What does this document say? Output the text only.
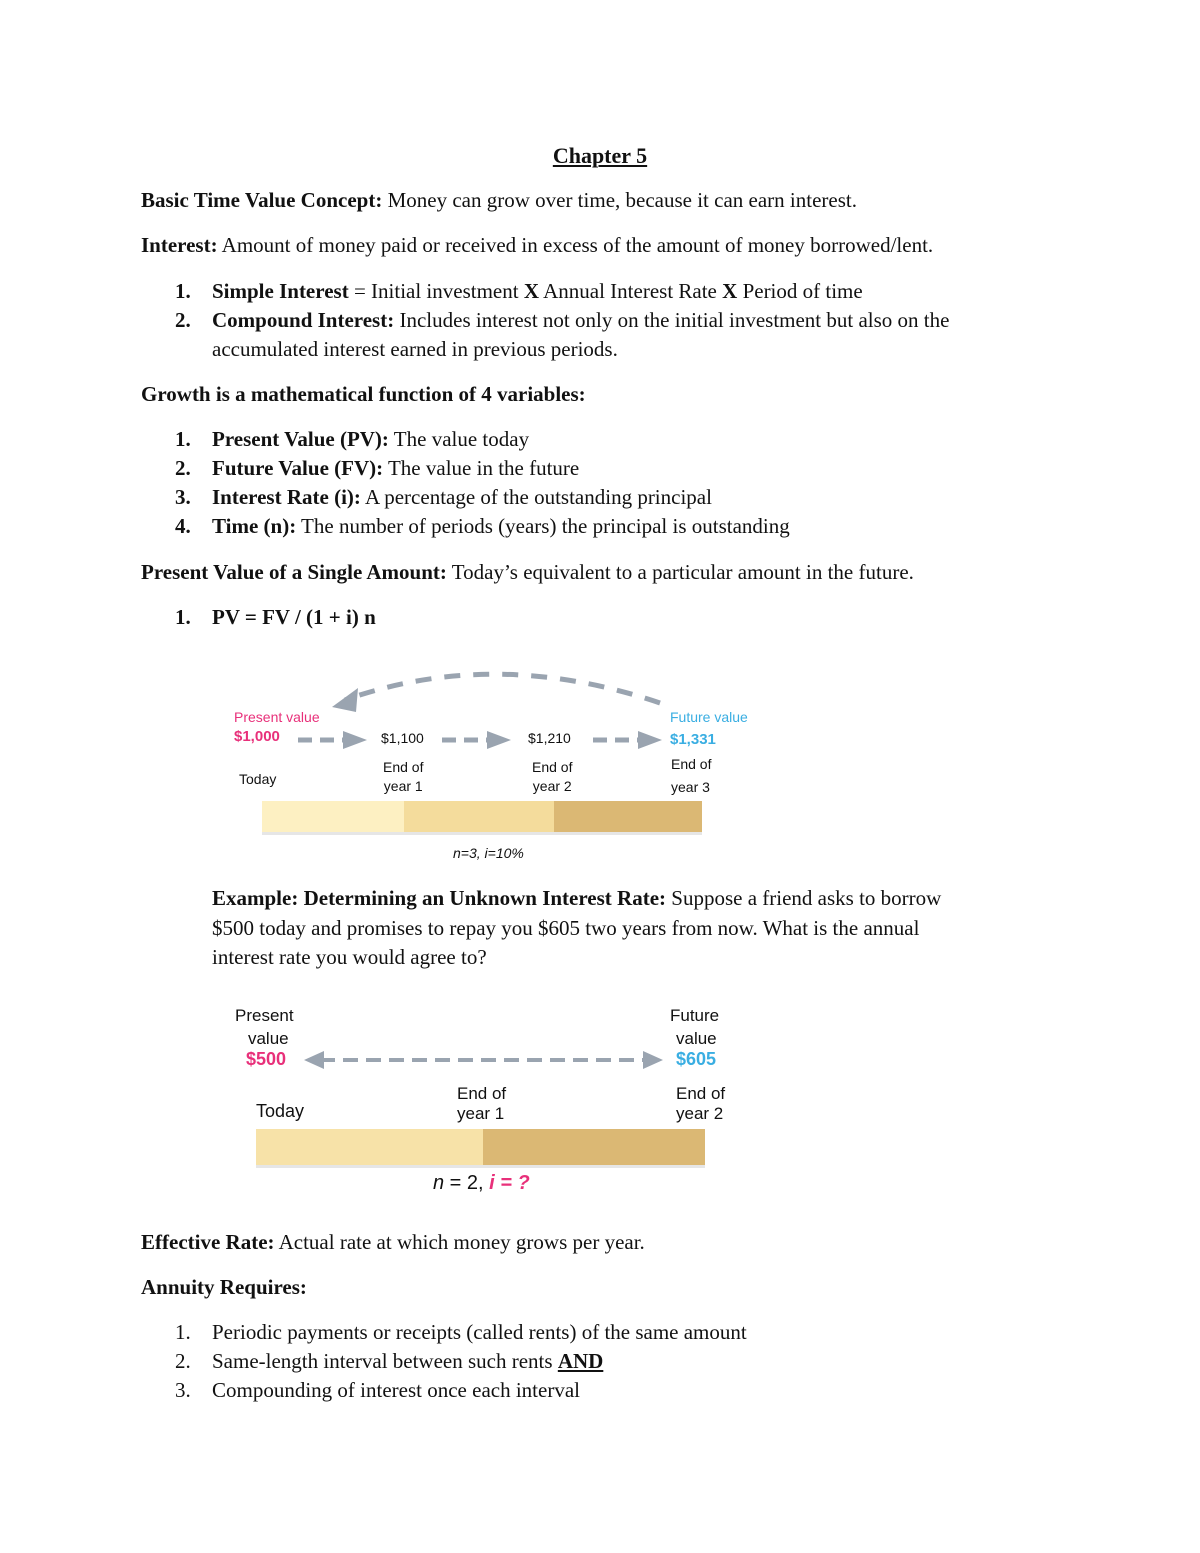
Chapter 5
Basic Time Value Concept: Money can grow over time, because it can earn interest.
Interest: Amount of money paid or received in excess of the amount of money borrowed/lent.
1.	Simple Interest = Initial investment X Annual Interest Rate X Period of time
2.	Compound Interest: Includes interest not only on the initial investment but also on the
accumulated interest earned in previous periods.
Growth is a mathematical function of 4 variables:
1.	Present Value (PV): The value today
2.	Future Value (FV): The value in the future
3.	Interest Rate (i): A percentage of the outstanding principal
4.	Time (n): The number of periods (years) the principal is outstanding
Present Value of a Single Amount: Today’s equivalent to a particular amount in the future.
1.	PV = FV / (1 + i) n
Present value
$1,000
Today
$1,100
End of
year 1
$1,210
End of
year 2
Future value
$1,331
End of
year 3
n=3, i=10%
Example: Determining an Unknown Interest Rate: Suppose a friend asks to borrow
$500 today and promises to repay you $605 two years from now. What is the annual
interest rate you would agree to?
Present
value
$500
Today
End of
year 1
Future
value
$605
End of
year 2
n = 2, i = ?
Effective Rate: Actual rate at which money grows per year.
Annuity Requires:
1.	Periodic payments or receipts (called rents) of the same amount
2.	Same-length interval between such rents AND
3.	Compounding of interest once each interval
